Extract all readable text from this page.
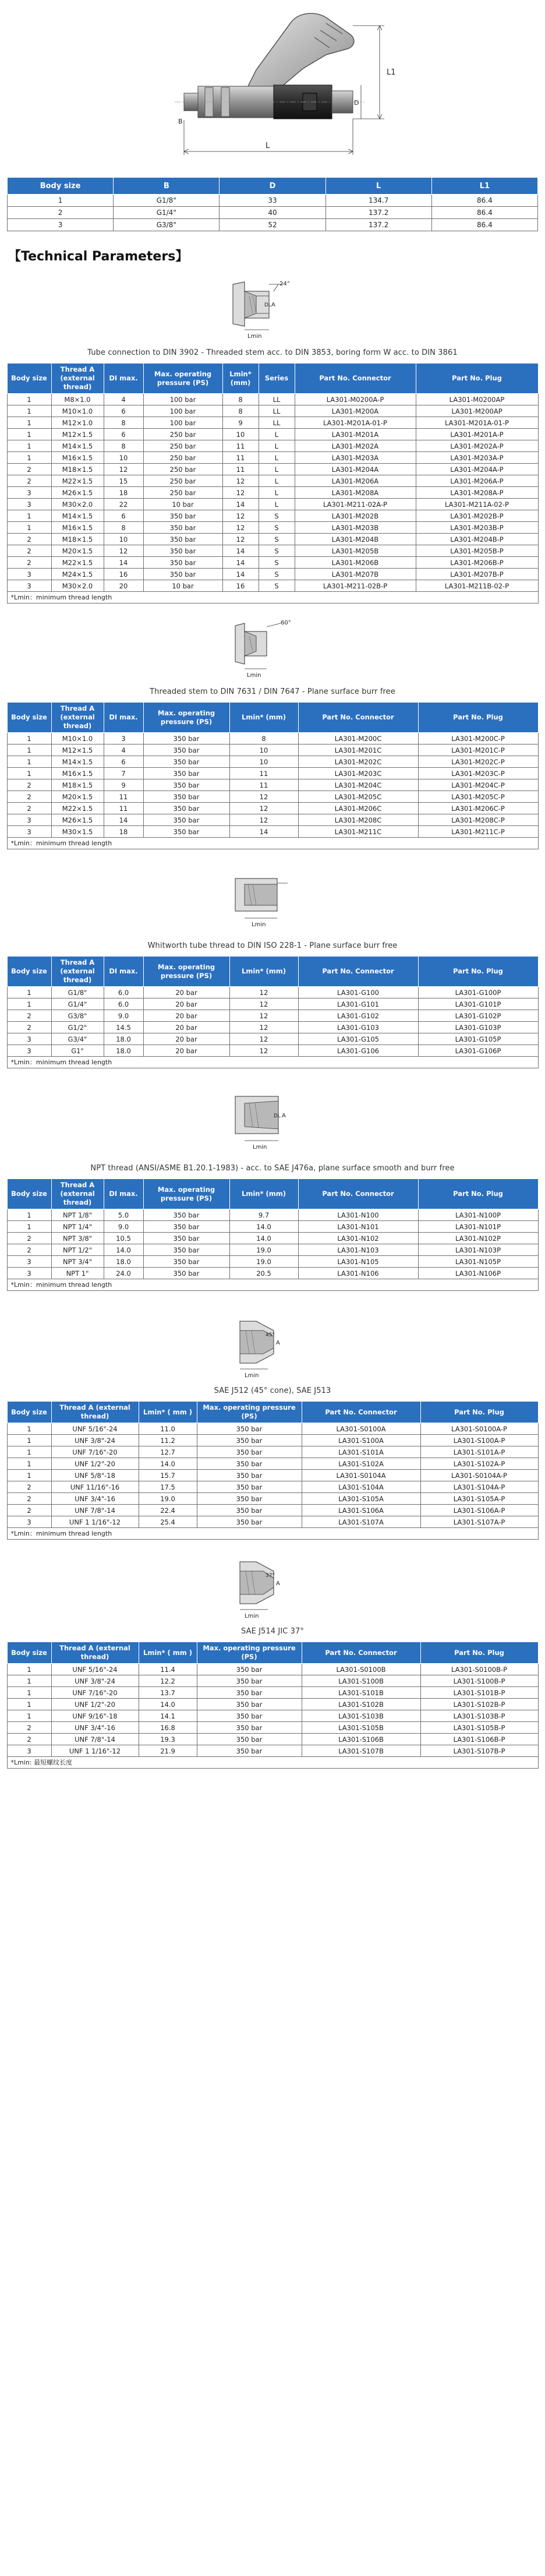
L1
D
B
L
Body size	B	D	L	L1
1	G1/8"	33	134.7	86.4
2	G1/4"	40	137.2	86.4
3	G3/8"	52	137.2	86.4
【Technical Parameters】
24°
Lmin
A
DL
Tube connection to DIN 3902 - Threaded stem acc. to DIN 3853, boring form W acc. to DIN 3861
Body size	Thread A (external thread)	DI max.	Max. operating pressure (PS)	Lmin* (mm)	Series	Part No. Connector	Part No. Plug
1	M8×1.0	4	100 bar	8	LL	LA301-M0200A-P	LA301-M0200AP
1	M10×1.0	6	100 bar	8	LL	LA301-M200A	LA301-M200AP
1	M12×1.0	8	100 bar	9	LL	LA301-M201A-01-P	LA301-M201A-01-P
1	M12×1.5	6	250 bar	10	L	LA301-M201A	LA301-M201A-P
1	M14×1.5	8	250 bar	11	L	LA301-M202A	LA301-M202A-P
1	M16×1.5	10	250 bar	11	L	LA301-M203A	LA301-M203A-P
2	M18×1.5	12	250 bar	11	L	LA301-M204A	LA301-M204A-P
2	M22×1.5	15	250 bar	12	L	LA301-M206A	LA301-M206A-P
3	M26×1.5	18	250 bar	12	L	LA301-M208A	LA301-M208A-P
3	M30×2.0	22	10 bar	14	L	LA301-M211-02A-P	LA301-M211A-02-P
1	M14×1.5	6	350 bar	12	S	LA301-M202B	LA301-M202B-P
1	M16×1.5	8	350 bar	12	S	LA301-M203B	LA301-M203B-P
2	M18×1.5	10	350 bar	12	S	LA301-M204B	LA301-M204B-P
2	M20×1.5	12	350 bar	14	S	LA301-M205B	LA301-M205B-P
2	M22×1.5	14	350 bar	14	S	LA301-M206B	LA301-M206B-P
3	M24×1.5	16	350 bar	14	S	LA301-M207B	LA301-M207B-P
3	M30×2.0	20	10 bar	16	S	LA301-M211-02B-P	LA301-M211B-02-P
*Lmin：minimum thread length							
60°
Lmin
Threaded stem to DIN 7631 / DIN 7647 - Plane surface burr free
Body size	Thread A (external thread)	DI max.	Max. operating pressure (PS)	Lmin* (mm)	Part No. Connector	Part No. Plug
1	M10×1.0	3	350 bar	8	LA301-M200C	LA301-M200C-P
1	M12×1.5	4	350 bar	10	LA301-M201C	LA301-M201C-P
1	M14×1.5	6	350 bar	10	LA301-M202C	LA301-M202C-P
1	M16×1.5	7	350 bar	11	LA301-M203C	LA301-M203C-P
2	M18×1.5	9	350 bar	11	LA301-M204C	LA301-M204C-P
2	M20×1.5	11	350 bar	12	LA301-M205C	LA301-M205C-P
2	M22×1.5	11	350 bar	12	LA301-M206C	LA301-M206C-P
3	M26×1.5	14	350 bar	12	LA301-M208C	LA301-M208C-P
3	M30×1.5	18	350 bar	14	LA301-M211C	LA301-M211C-P
*Lmin：minimum thread length						
Lmin
Whitworth tube thread to DIN ISO 228-1 - Plane surface burr free
Body size	Thread A (external thread)	DI max.	Max. operating pressure (PS)	Lmin* (mm)	Part No. Connector	Part No. Plug
1	G1/8"	6.0	20 bar	12	LA301-G100	LA301-G100P
1	G1/4"	6.0	20 bar	12	LA301-G101	LA301-G101P
2	G3/8"	9.0	20 bar	12	LA301-G102	LA301-G102P
2	G1/2"	14.5	20 bar	12	LA301-G103	LA301-G103P
3	G3/4"	18.0	20 bar	12	LA301-G105	LA301-G105P
3	G1"	18.0	20 bar	12	LA301-G106	LA301-G106P
*Lmin：minimum thread length						
A
DL
Lmin
NPT thread (ANSI/ASME B1.20.1-1983) - acc. to SAE J476a, plane surface smooth and burr free
Body size	Thread A (external thread)	DI max.	Max. operating pressure (PS)	Lmin* (mm)	Part No. Connector	Part No. Plug
1	NPT 1/8"	5.0	350 bar	9.7	LA301-N100	LA301-N100P
1	NPT 1/4"	9.0	350 bar	14.0	LA301-N101	LA301-N101P
2	NPT 3/8"	10.5	350 bar	14.0	LA301-N102	LA301-N102P
2	NPT 1/2"	14.0	350 bar	19.0	LA301-N103	LA301-N103P
3	NPT 3/4"	18.0	350 bar	19.0	LA301-N105	LA301-N105P
3	NPT 1"	24.0	350 bar	20.5	LA301-N106	LA301-N106P
*Lmin：minimum thread length						
A
45°
Lmin
SAE J512 (45° cone), SAE J513
Body size	Thread A (external thread)	Lmin* ( mm )	Max. operating pressure (PS)	Part No. Connector	Part No. Plug
1	UNF 5/16"-24	11.0	350 bar	LA301-S0100A	LA301-S0100A-P
1	UNF 3/8"-24	11.2	350 bar	LA301-S100A	LA301-S100A-P
1	UNF 7/16"-20	12.7	350 bar	LA301-S101A	LA301-S101A-P
1	UNF 1/2"-20	14.0	350 bar	LA301-S102A	LA301-S102A-P
1	UNF 5/8"-18	15.7	350 bar	LA301-S0104A	LA301-S0104A-P
2	UNF 11/16"-16	17.5	350 bar	LA301-S104A	LA301-S104A-P
2	UNF 3/4"-16	19.0	350 bar	LA301-S105A	LA301-S105A-P
2	UNF 7/8"-14	22.4	350 bar	LA301-S106A	LA301-S106A-P
3	UNF 1 1/16"-12	25.4	350 bar	LA301-S107A	LA301-S107A-P
*Lmin：minimum thread length					
A
37°
Lmin
SAE J514 JIC 37°
Body size	Thread A (external thread)	Lmin* ( mm )	Max. operating pressure (PS)	Part No. Connector	Part No. Plug
1	UNF 5/16"-24	11.4	350 bar	LA301-S0100B	LA301-S0100B-P
1	UNF 3/8"-24	12.2	350 bar	LA301-S100B	LA301-S100B-P
1	UNF 7/16"-20	13.7	350 bar	LA301-S101B	LA301-S101B-P
1	UNF 1/2"-20	14.0	350 bar	LA301-S102B	LA301-S102B-P
1	UNF 9/16"-18	14.1	350 bar	LA301-S103B	LA301-S103B-P
2	UNF 3/4"-16	16.8	350 bar	LA301-S105B	LA301-S105B-P
2	UNF 7/8"-14	19.3	350 bar	LA301-S106B	LA301-S106B-P
3	UNF 1 1/16"-12	21.9	350 bar	LA301-S107B	LA301-S107B-P
*Lmin: 最短螺纹长度					
